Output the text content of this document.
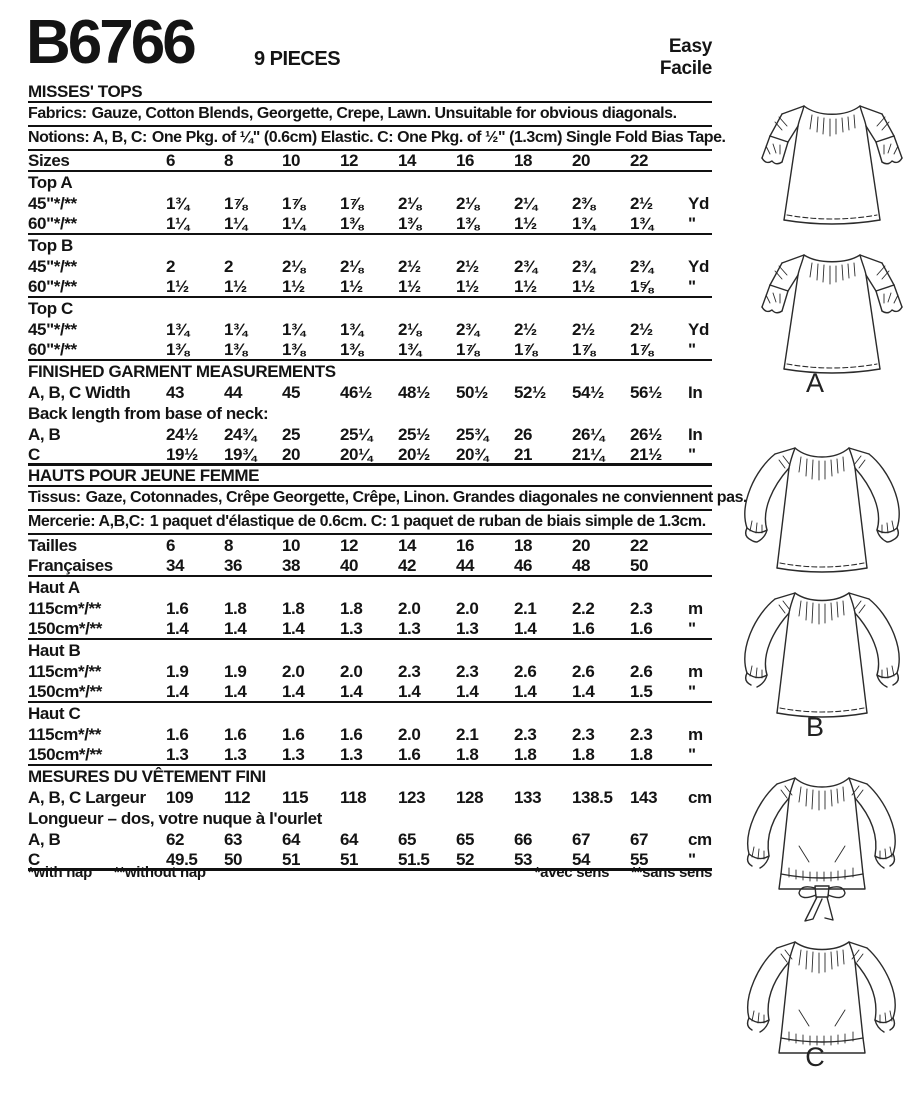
B6766	9 PIECES
Easy
Facile
MISSES' TOPS
Fabrics: Gauze, Cotton Blends, Georgette, Crepe, Lawn. Unsuitable for obvious diagonals.
Notions: A, B, C: One Pkg. of ¼" (0.6cm) Elastic. C: One Pkg. of ½" (1.3cm) Single Fold Bias Tape.
Sizes	6	8	10	12	14	16	18	20	22
Top A
45"*/**	1¾	1⅞	1⅞	1⅞	2⅛	2⅛	2¼	2⅜	2½	Yd
60"*/**	1¼	1¼	1¼	1⅜	1⅜	1⅜	1½	1¾	1¾	"
Top B
45"*/**	2	2	2⅛	2⅛	2½	2½	2¾	2¾	2¾	Yd
60"*/**	1½	1½	1½	1½	1½	1½	1½	1½	1⅝	"
Top C
45"*/**	1¾	1¾	1¾	1¾	2⅛	2¾	2½	2½	2½	Yd
60"*/**	1⅜	1⅜	1⅜	1⅜	1¾	1⅞	1⅞	1⅞	1⅞	"
FINISHED GARMENT MEASUREMENTS
A, B, C Width	43	44	45	46½	48½	50½	52½	54½	56½	In
Back length from base of neck:
A, B	24½	24¾	25	25¼	25½	25¾	26	26¼	26½	In
C	19½	19¾	20	20¼	20½	20¾	21	21¼	21½	"
HAUTS POUR JEUNE FEMME
Tissus: Gaze, Cotonnades, Crêpe Georgette, Crêpe, Linon. Grandes diagonales ne conviennent pas.
Mercerie: A,B,C: 1 paquet d'élastique de 0.6cm. C: 1 paquet de ruban de biais simple de 1.3cm.
Tailles	6	8	10	12	14	16	18	20	22
Françaises	34	36	38	40	42	44	46	48	50
Haut A
115cm*/**	1.6	1.8	1.8	1.8	2.0	2.0	2.1	2.2	2.3	m
150cm*/**	1.4	1.4	1.4	1.3	1.3	1.3	1.4	1.6	1.6	"
Haut B
115cm*/**	1.9	1.9	2.0	2.0	2.3	2.3	2.6	2.6	2.6	m
150cm*/**	1.4	1.4	1.4	1.4	1.4	1.4	1.4	1.4	1.5	"
Haut C
115cm*/**	1.6	1.6	1.6	1.6	2.0	2.1	2.3	2.3	2.3	m
150cm*/**	1.3	1.3	1.3	1.3	1.6	1.8	1.8	1.8	1.8	"
MESURES DU VÊTEMENT FINI
A, B, C Largeur	109	112	115	118	123	128	133	138.5	143	cm
Longueur – dos, votre nuque à l'ourlet
A, B	62	63	64	64	65	65	66	67	67	cm
C	49.5	50	51	51	51.5	52	53	54	55	"
*with nap **without nap	*avec sens **sans sens
A
B
C
